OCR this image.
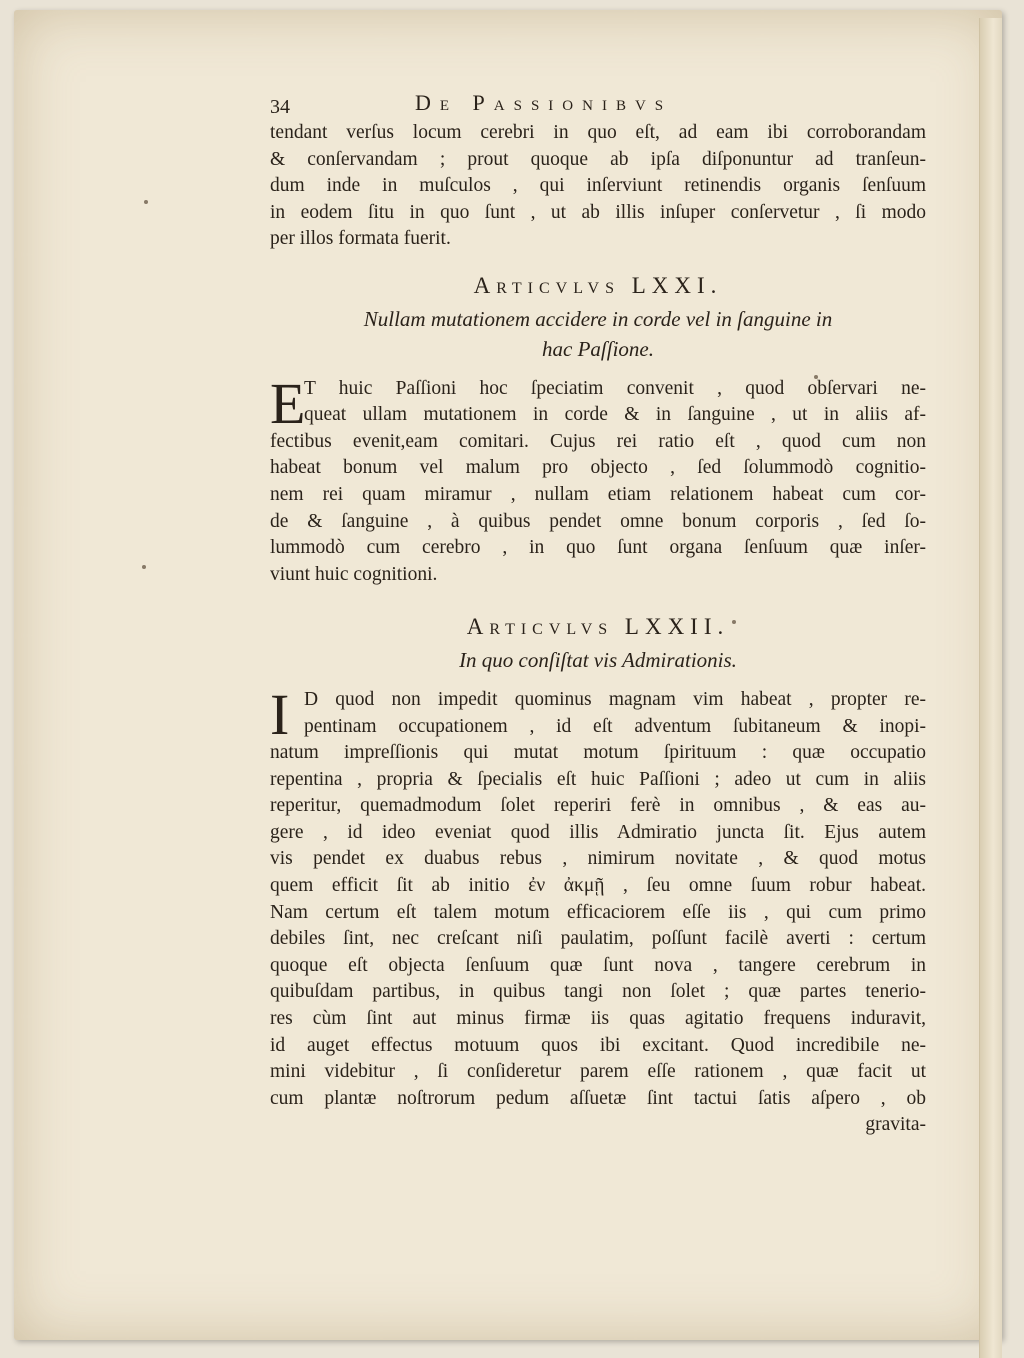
34	De Passionibvs
tendant verſus locum cerebri in quo eſt, ad eam ibi corroborandam
& conſervandam ; prout quoque ab ipſa diſponuntur ad tranſeun-
dum inde in muſculos , qui inſerviunt retinendis organis ſenſuum
in eodem ſitu in quo ſunt , ut ab illis inſuper conſervetur , ſi modo
per illos formata fuerit.
Articvlvs LXXI.
Nullam mutationem accidere in corde vel in ſanguine in
hac Paſſione.
E
T huic Paſſioni hoc ſpeciatim convenit , quod obſervari ne-
queat ullam mutationem in corde & in ſanguine , ut in aliis af-
fectibus evenit,eam comitari. Cujus rei ratio eſt , quod cum non
habeat bonum vel malum pro objecto , ſed ſolummodò cognitio-
nem rei quam miramur , nullam etiam relationem habeat cum cor-
de & ſanguine , à quibus pendet omne bonum corporis , ſed ſo-
lummodò cum cerebro , in quo ſunt organa ſenſuum quæ inſer-
viunt huic cognitioni.
Articvlvs LXXII.
In quo conſiſtat vis Admirationis.
I D quod non impedit quominus magnam vim habeat , propter re-
pentinam occupationem , id eſt adventum ſubitaneum & inopi-
natum impreſſionis qui mutat motum ſpirituum : quæ occupatio
repentina , propria & ſpecialis eſt huic Paſſioni ; adeo ut cum in aliis
reperitur, quemadmodum ſolet reperiri ferè in omnibus , & eas au-
gere , id ideo eveniat quod illis Admiratio juncta ſit. Ejus autem
vis pendet ex duabus rebus , nimirum novitate , & quod motus
quem efficit ſit ab initio ἐν ἀκμῇ , ſeu omne ſuum robur habeat.
Nam certum eſt talem motum efficaciorem eſſe iis , qui cum primo
debiles ſint, nec creſcant niſi paulatim, poſſunt facilè averti : certum
quoque eſt objecta ſenſuum quæ ſunt nova , tangere cerebrum in
quibuſdam partibus, in quibus tangi non ſolet ; quæ partes tenerio-
res cùm ſint aut minus firmæ iis quas agitatio frequens induravit,
id auget effectus motuum quos ibi excitant. Quod incredibile ne-
mini videbitur , ſi conſideretur parem eſſe rationem , quæ facit ut
cum plantæ noſtrorum pedum aſſuetæ ſint tactui ſatis aſpero , ob
gravita-
